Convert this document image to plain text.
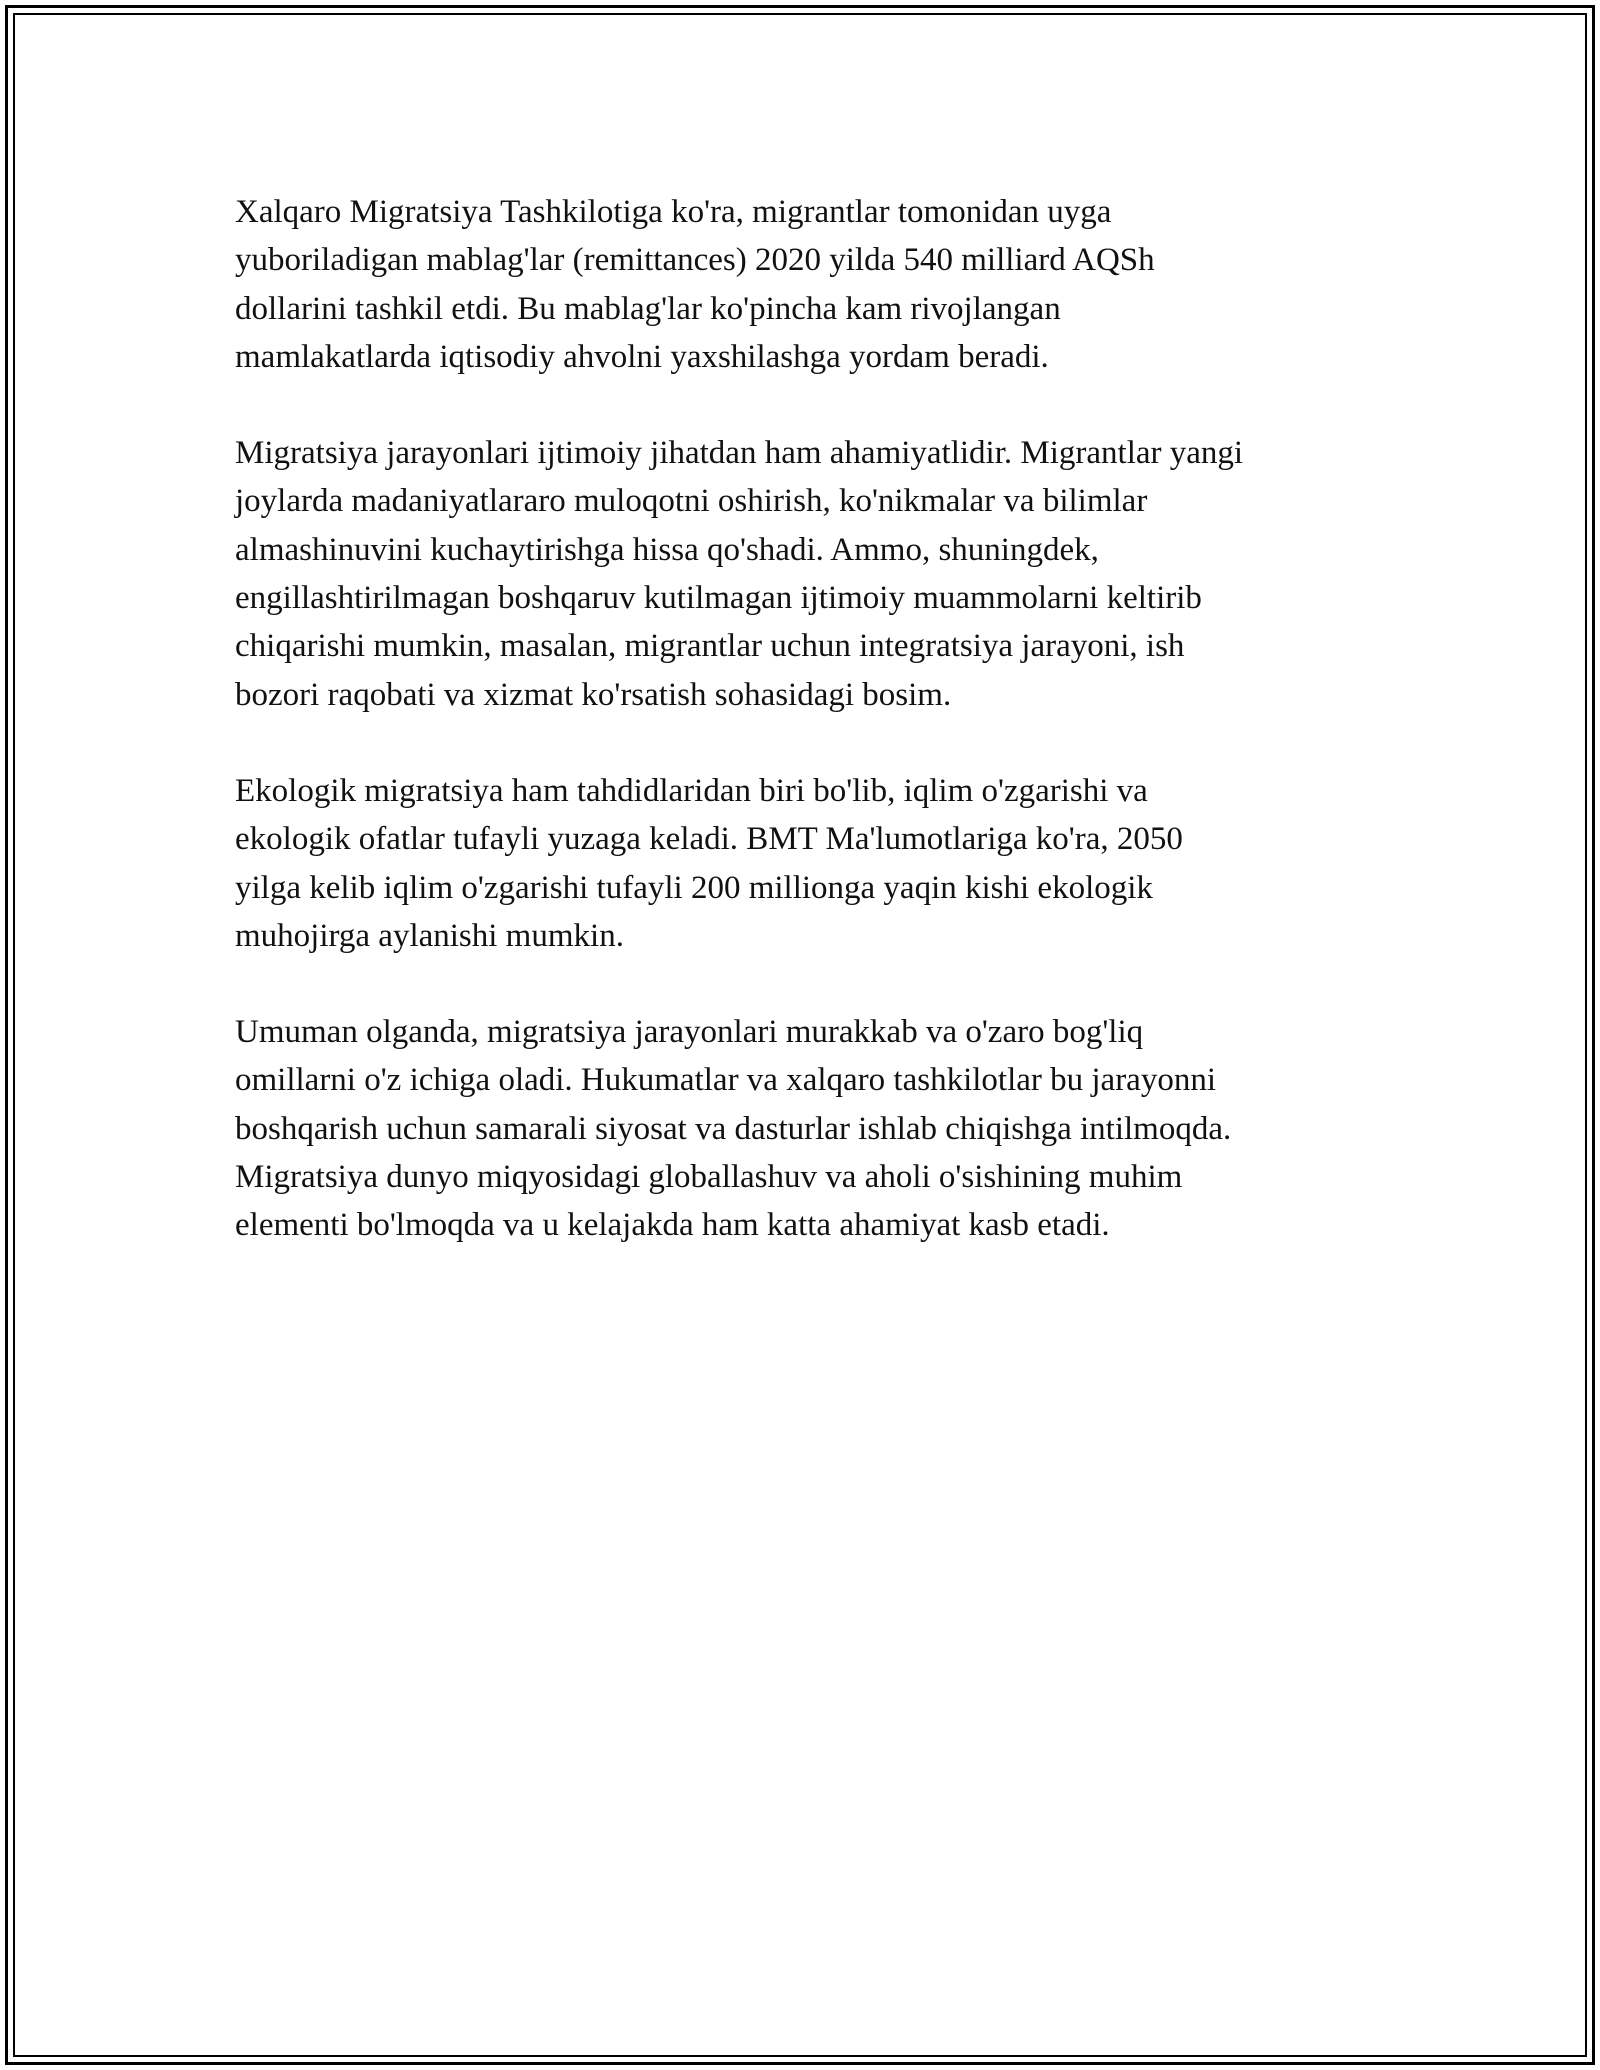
Xalqaro Migratsiya Tashkilotiga ko'ra, migrantlar tomonidan uyga
yuboriladigan mablag'lar (remittances) 2020 yilda 540 milliard AQSh
dollarini tashkil etdi. Bu mablag'lar ko'pincha kam rivojlangan
mamlakatlarda iqtisodiy ahvolni yaxshilashga yordam beradi.

Migratsiya jarayonlari ijtimoiy jihatdan ham ahamiyatlidir. Migrantlar yangi
joylarda madaniyatlararo muloqotni oshirish, ko'nikmalar va bilimlar
almashinuvini kuchaytirishga hissa qo'shadi. Ammo, shuningdek,
engillashtirilmagan boshqaruv kutilmagan ijtimoiy muammolarni keltirib
chiqarishi mumkin, masalan, migrantlar uchun integratsiya jarayoni, ish
bozori raqobati va xizmat ko'rsatish sohasidagi bosim.

Ekologik migratsiya ham tahdidlaridan biri bo'lib, iqlim o'zgarishi va
ekologik ofatlar tufayli yuzaga keladi. BMT Ma'lumotlariga ko'ra, 2050
yilga kelib iqlim o'zgarishi tufayli 200 millionga yaqin kishi ekologik
muhojirga aylanishi mumkin.

Umuman olganda, migratsiya jarayonlari murakkab va o'zaro bog'liq
omillarni o'z ichiga oladi. Hukumatlar va xalqaro tashkilotlar bu jarayonni
boshqarish uchun samarali siyosat va dasturlar ishlab chiqishga intilmoqda.
Migratsiya dunyo miqyosidagi globallashuv va aholi o'sishining muhim
elementi bo'lmoqda va u kelajakda ham katta ahamiyat kasb etadi.
